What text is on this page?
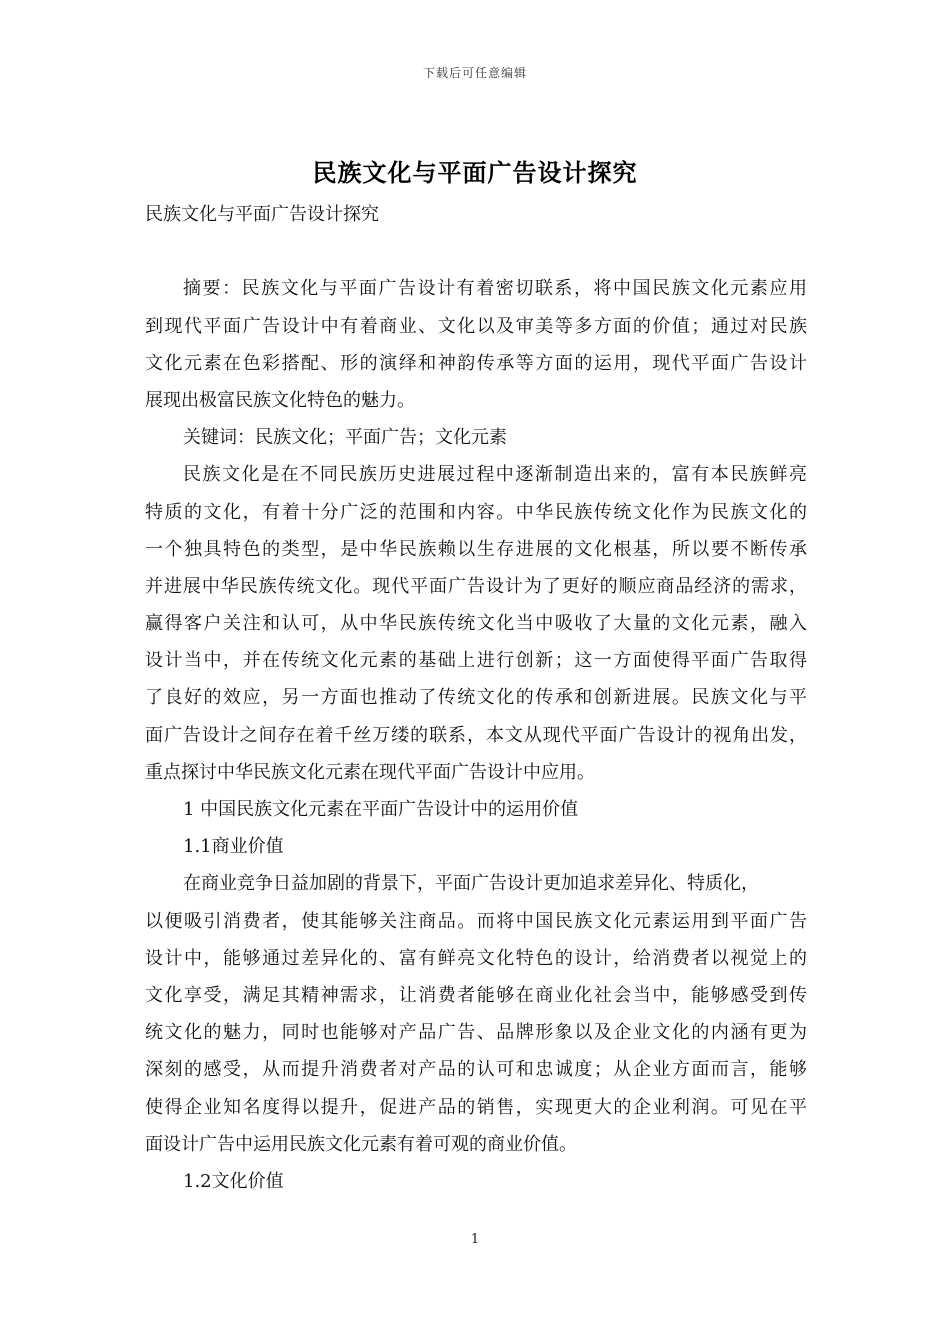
下载后可任意编辑
民族文化与平面广告设计探究
民族文化与平面广告设计探究
摘要：民族文化与平面广告设计有着密切联系，将中国民族文化元素应用
到现代平面广告设计中有着商业、文化以及审美等多方面的价值；通过对民族
文化元素在色彩搭配、形的演绎和神韵传承等方面的运用，现代平面广告设计
展现出极富民族文化特色的魅力。
关键词：民族文化；平面广告；文化元素
民族文化是在不同民族历史进展过程中逐渐制造出来的，富有本民族鲜亮
特质的文化，有着十分广泛的范围和内容。中华民族传统文化作为民族文化的
一个独具特色的类型，是中华民族赖以生存进展的文化根基，所以要不断传承
并进展中华民族传统文化。现代平面广告设计为了更好的顺应商品经济的需求，
赢得客户关注和认可，从中华民族传统文化当中吸收了大量的文化元素，融入
设计当中，并在传统文化元素的基础上进行创新；这一方面使得平面广告取得
了良好的效应，另一方面也推动了传统文化的传承和创新进展。民族文化与平
面广告设计之间存在着千丝万缕的联系，本文从现代平面广告设计的视角出发，
重点探讨中华民族文化元素在现代平面广告设计中应用。
1 中国民族文化元素在平面广告设计中的运用价值
1.1商业价值
在商业竞争日益加剧的背景下，平面广告设计更加追求差异化、特质化，
以便吸引消费者，使其能够关注商品。而将中国民族文化元素运用到平面广告
设计中，能够通过差异化的、富有鲜亮文化特色的设计，给消费者以视觉上的
文化享受，满足其精神需求，让消费者能够在商业化社会当中，能够感受到传
统文化的魅力，同时也能够对产品广告、品牌形象以及企业文化的内涵有更为
深刻的感受，从而提升消费者对产品的认可和忠诚度；从企业方面而言，能够
使得企业知名度得以提升，促进产品的销售，实现更大的企业利润。可见在平
面设计广告中运用民族文化元素有着可观的商业价值。
1.2文化价值
1
